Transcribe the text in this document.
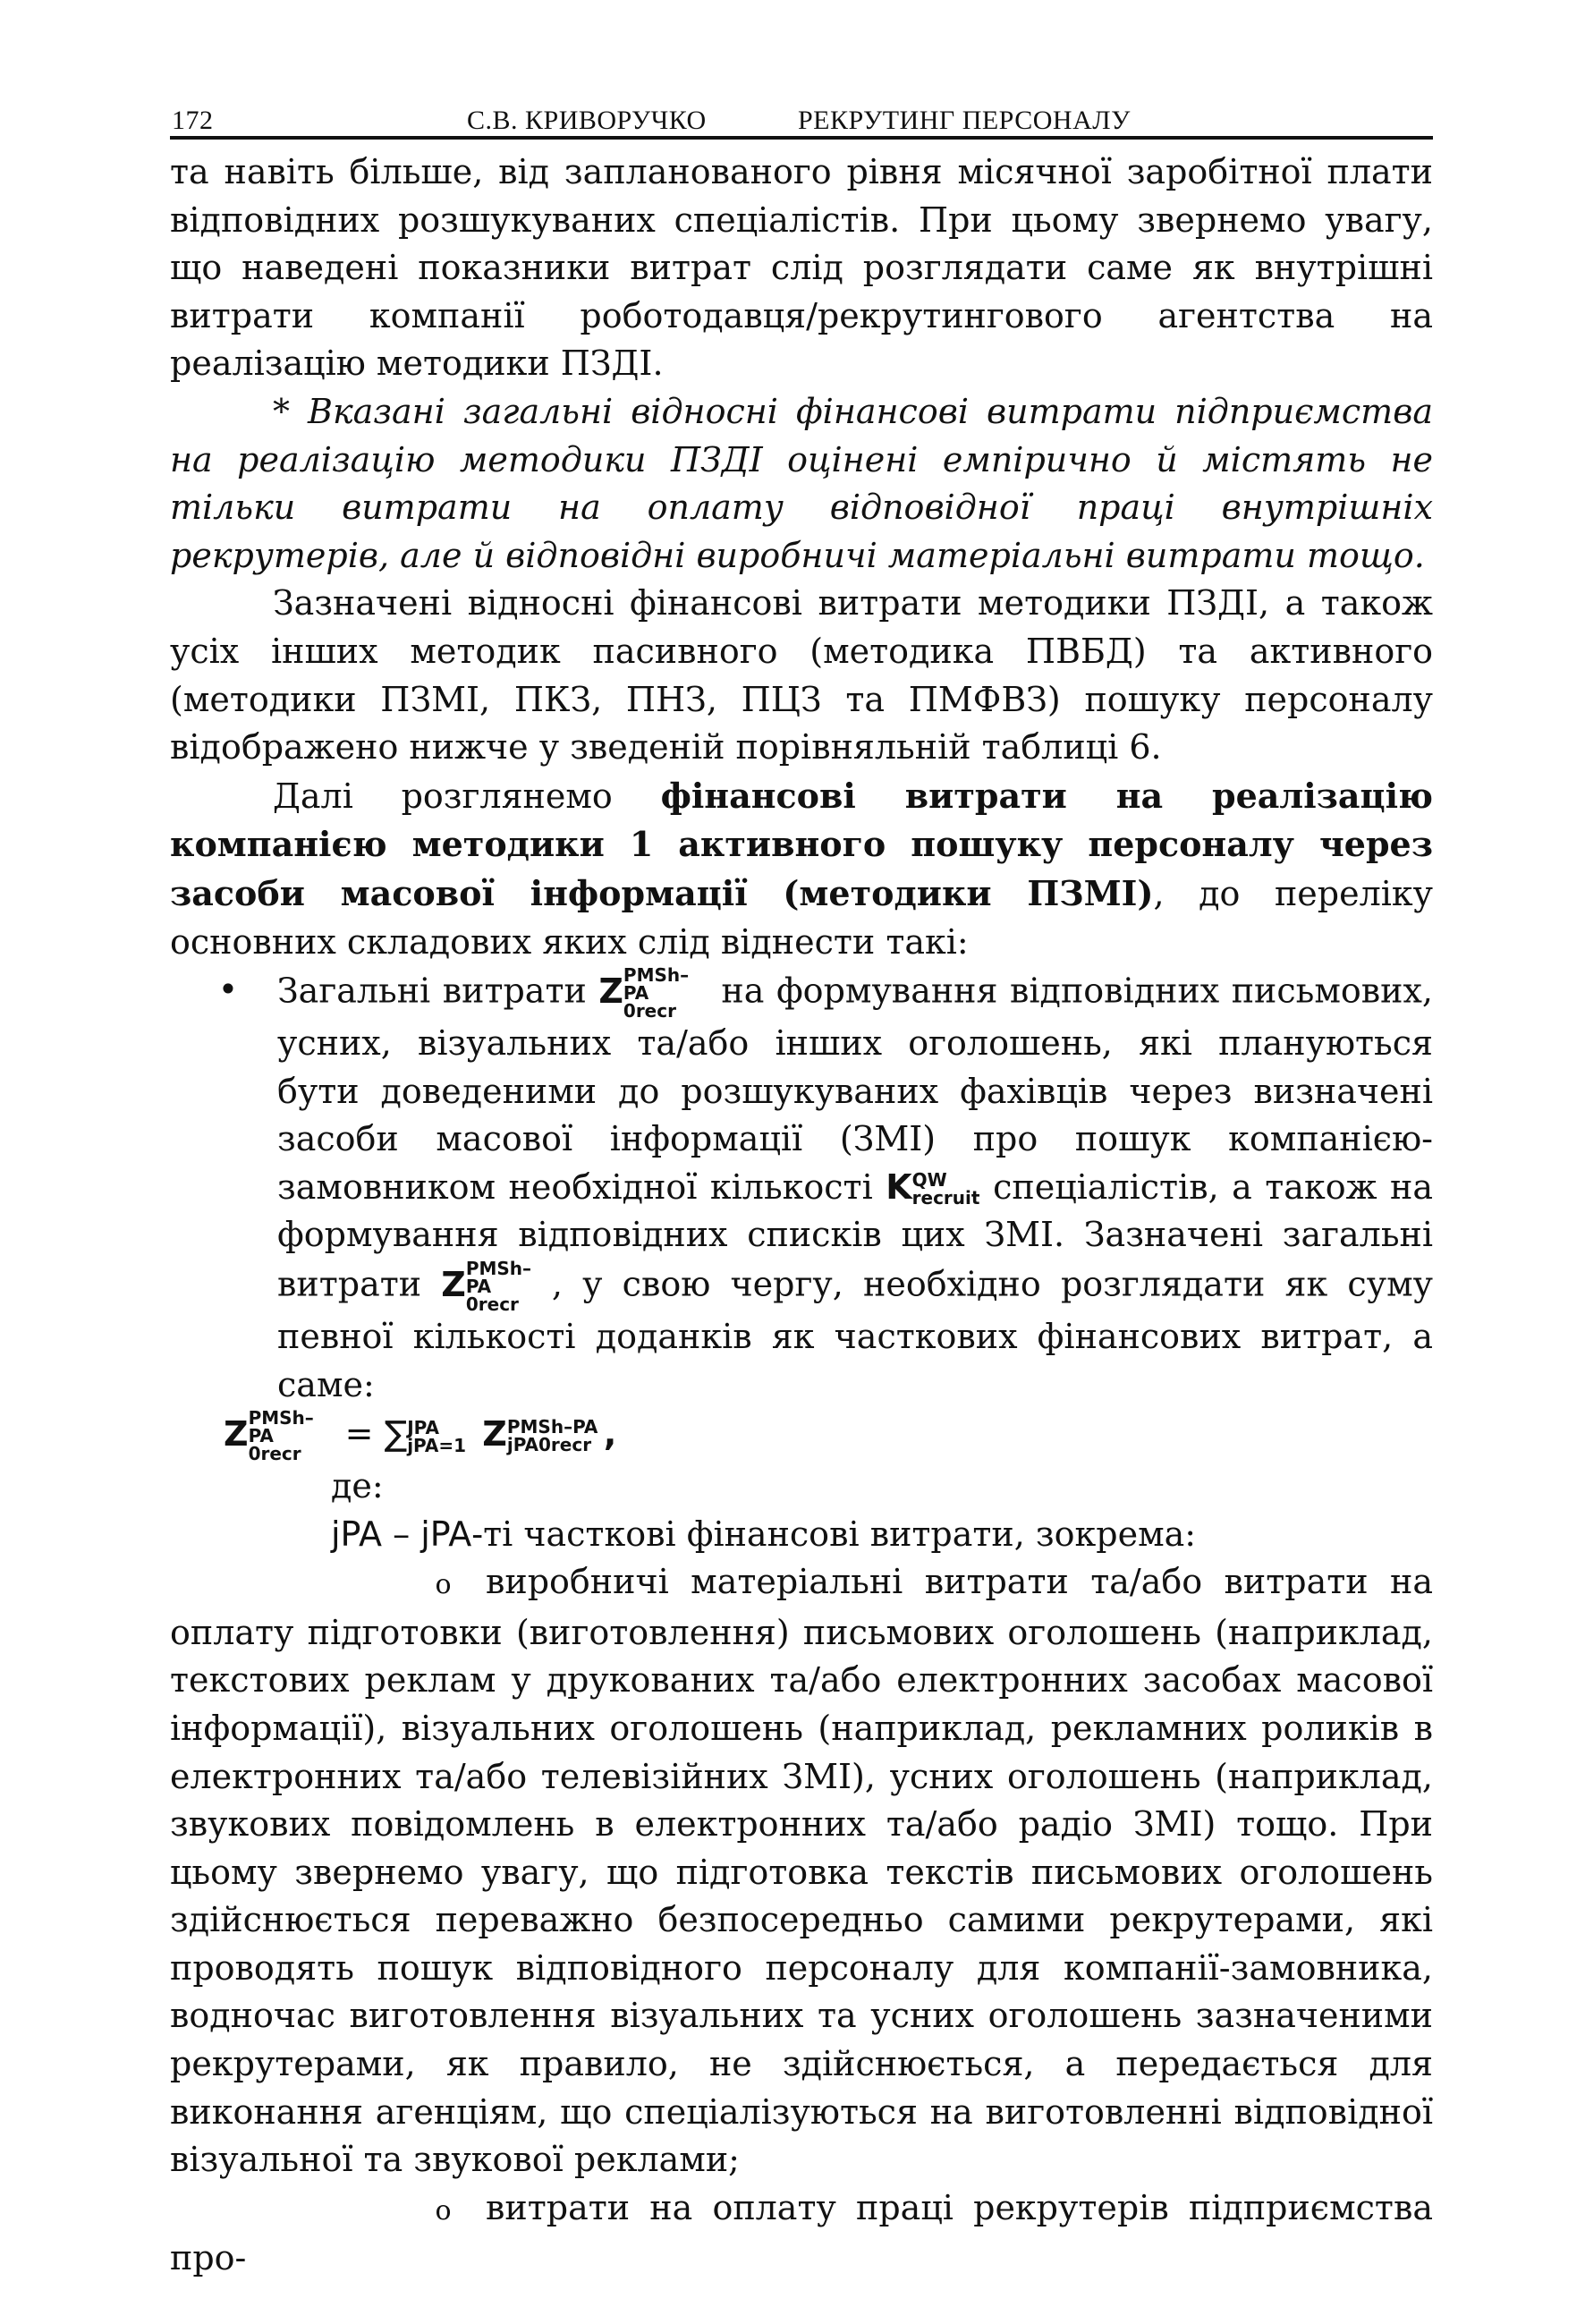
172	С.В. КРИВОРУЧКО	РЕКРУТИНГ ПЕРСОНАЛУ

та навіть більше, від запланованого рівня місячної заробітної плати відповідних розшукуваних спеціалістів. При цьому звернемо увагу, що наведені показники витрат слід розглядати саме як внутрішні витрати компанії роботодавця/рекрутингового агентства на реалізацію методики ПЗДІ.

* Вказані загальні відносні фінансові витрати підприємства на реалізацію методики ПЗДІ оцінені емпірично й містять не тільки витрати на оплату відповідної праці внутрішніх рекрутерів, але й відповідні виробничі матеріальні витрати тощо.

Зазначені відносні фінансові витрати методики ПЗДІ, а також усіх інших методик пасивного (методика ПВБД) та активного (методики ПЗМІ, ПКЗ, ПНЗ, ПЦЗ та ПМФВЗ) пошуку персоналу відображено нижче у зведеній порівняльній таблиці 6.

Далі розглянемо фінансові витрати на реалізацію компанією методики 1 активного пошуку персоналу через засоби масової інформації (методики ПЗМІ), до переліку основних складових яких слід віднести такі:

•	Загальні витрати Z PMSh–PA
0recr
на формування відповідних письмових, усних, візуальних та/або інших оголошень, які плануються бути доведеними до розшукуваних фахівців через визначені засоби масової інформації (ЗМІ) про пошук компанією-замовником необхідної кількості K QW
recruit спеціалістів, а також на формування відповідних списків цих ЗМІ. Зазначені загальні витрати Z PMSh–PA
0recr
, у свою чергу, необхідно розглядати як суму певної кількості доданків як часткових фінансових витрат, а саме:

Z PMSh–PA
0recr
= ∑ JPA
jPA=1 Z PMSh–PA
jPA0recr ,

де:

jPA – jPA-ті часткові фінансові витрати, зокрема:

o виробничі матеріальні витрати та/або витрати на оплату підготовки (виготовлення) письмових оголошень (наприклад, текстових реклам у друкованих та/або електронних засобах масової інформації), візуальних оголошень (наприклад, рекламних роликів в електронних та/або телевізійних ЗМІ), усних оголошень (наприклад, звукових повідомлень в електронних та/або радіо ЗМІ) тощо. При цьому звернемо увагу, що підготовка текстів письмових оголошень здійснюється переважно безпосередньо самими рекрутерами, які проводять пошук відповідного персоналу для компанії-замовника, водночас виготовлення візуальних та усних оголошень зазначеними рекрутерами, як правило, не здійснюється, а передається для виконання агенціям, що спеціалізуються на виготовленні відповідної візуальної та звукової реклами;

o витрати на оплату праці рекрутерів підприємства про-
